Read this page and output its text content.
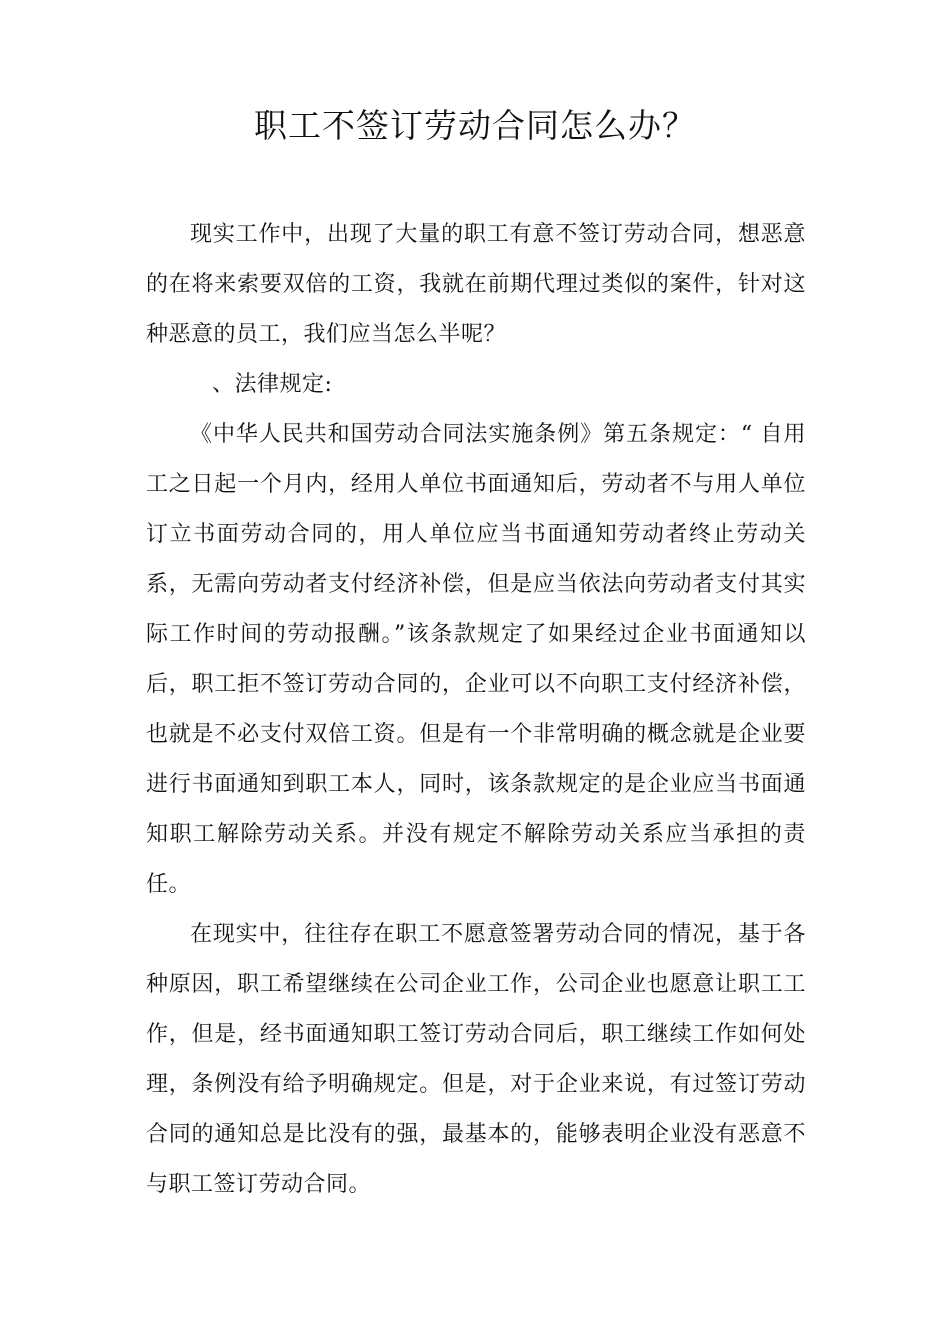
职工不签订劳动合同怎么办？

现实工作中，出现了大量的职工有意不签订劳动合同，想恶意的在将来索要双倍的工资，我就在前期代理过类似的案件，针对这种恶意的员工，我们应当怎么半呢？

、法律规定:

《中华人民共和国劳动合同法实施条例》第五条规定：“ 自用工之日起一个月内，经用人单位书面通知后，劳动者不与用人单位订立书面劳动合同的，用人单位应当书面通知劳动者终止劳动关系，无需向劳动者支付经济补偿，但是应当依法向劳动者支付其实际工作时间的劳动报酬。”该条款规定了如果经过企业书面通知以后，职工拒不签订劳动合同的，企业可以不向职工支付经济补偿，也就是不必支付双倍工资。但是有一个非常明确的概念就是企业要进行书面通知到职工本人，同时，该条款规定的是企业应当书面通知职工解除劳动关系。并没有规定不解除劳动关系应当承担的责任。

在现实中，往往存在职工不愿意签署劳动合同的情况，基于各种原因，职工希望继续在公司企业工作，公司企业也愿意让职工工作，但是，经书面通知职工签订劳动合同后，职工继续工作如何处理，条例没有给予明确规定。但是，对于企业来说，有过签订劳动合同的通知总是比没有的强，最基本的，能够表明企业没有恶意不与职工签订劳动合同。
